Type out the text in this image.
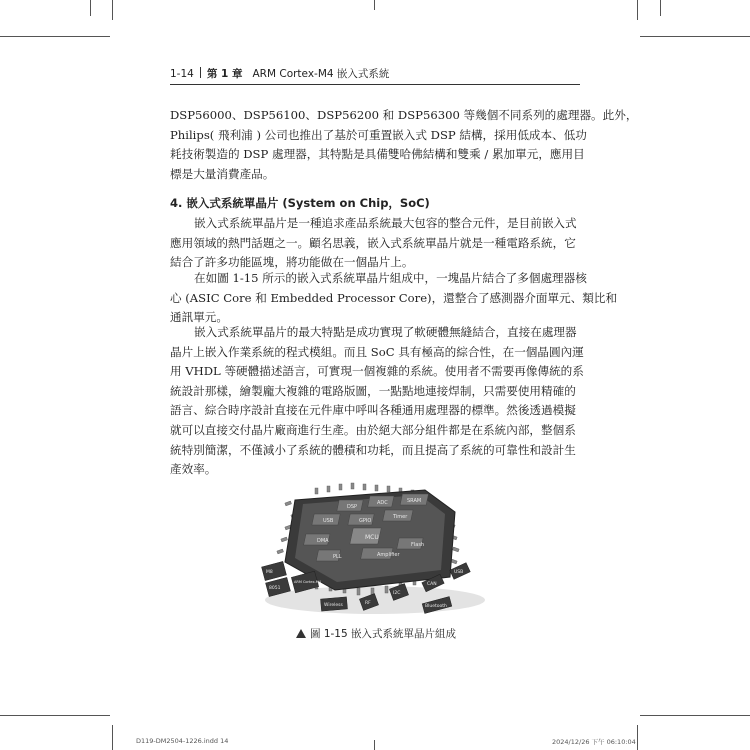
1-14 第 1 章 ARM Cortex-M4 嵌入式系統
DSP56000、DSP56100、DSP56200 和 DSP56300 等幾個不同系列的處理器。此外，
Philips( 飛利浦 ) 公司也推出了基於可重置嵌入式 DSP 結構，採用低成本、低功
耗技術製造的 DSP 處理器，其特點是具備雙哈佛結構和雙乘 / 累加單元，應用目
標是大量消費產品。
4. 嵌入式系統單晶片 (System on Chip，SoC)
嵌入式系統單晶片是一種追求產品系統最大包容的整合元件，是目前嵌入式
應用領域的熱門話題之一。顧名思義，嵌入式系統單晶片就是一種電路系統，它
結合了許多功能區塊，將功能做在一個晶片上。
在如圖 1-15 所示的嵌入式系統單晶片組成中，一塊晶片結合了多個處理器核
心 (ASIC Core 和 Embedded Processor Core)，還整合了感測器介面單元、類比和
通訊單元。
嵌入式系統單晶片的最大特點是成功實現了軟硬體無縫結合，直接在處理器
晶片上嵌入作業系統的程式模組。而且 SoC 具有極高的綜合性，在一個晶圓內運
用 VHDL 等硬體描述語言，可實現一個複雜的系統。使用者不需要再像傳統的系
統設計那樣，繪製龐大複雜的電路版圖，一點點地連接焊制，只需要使用精確的
語言、綜合時序設計直接在元件庫中呼叫各種通用處理器的標準。然後透過模擬
就可以直接交付晶片廠商進行生產。由於絕大部分組件都是在系統內部，整個系
統特別簡潔，不僅減小了系統的體積和功耗，而且提高了系統的可靠性和設計生
產效率。
DSP
ADC	SRAM
USB	GPIO
Timer
MCU
DMA
PLL	Amplifier
Flash
M8
8051
ARM Cortex-M4
Wireless	RF
I2C
CAN
USB
Bluetooth
圖 1-15 嵌入式系統單晶片組成
D119-DM2504-1226.indd 14	2024/12/26 下午 06:10:04
